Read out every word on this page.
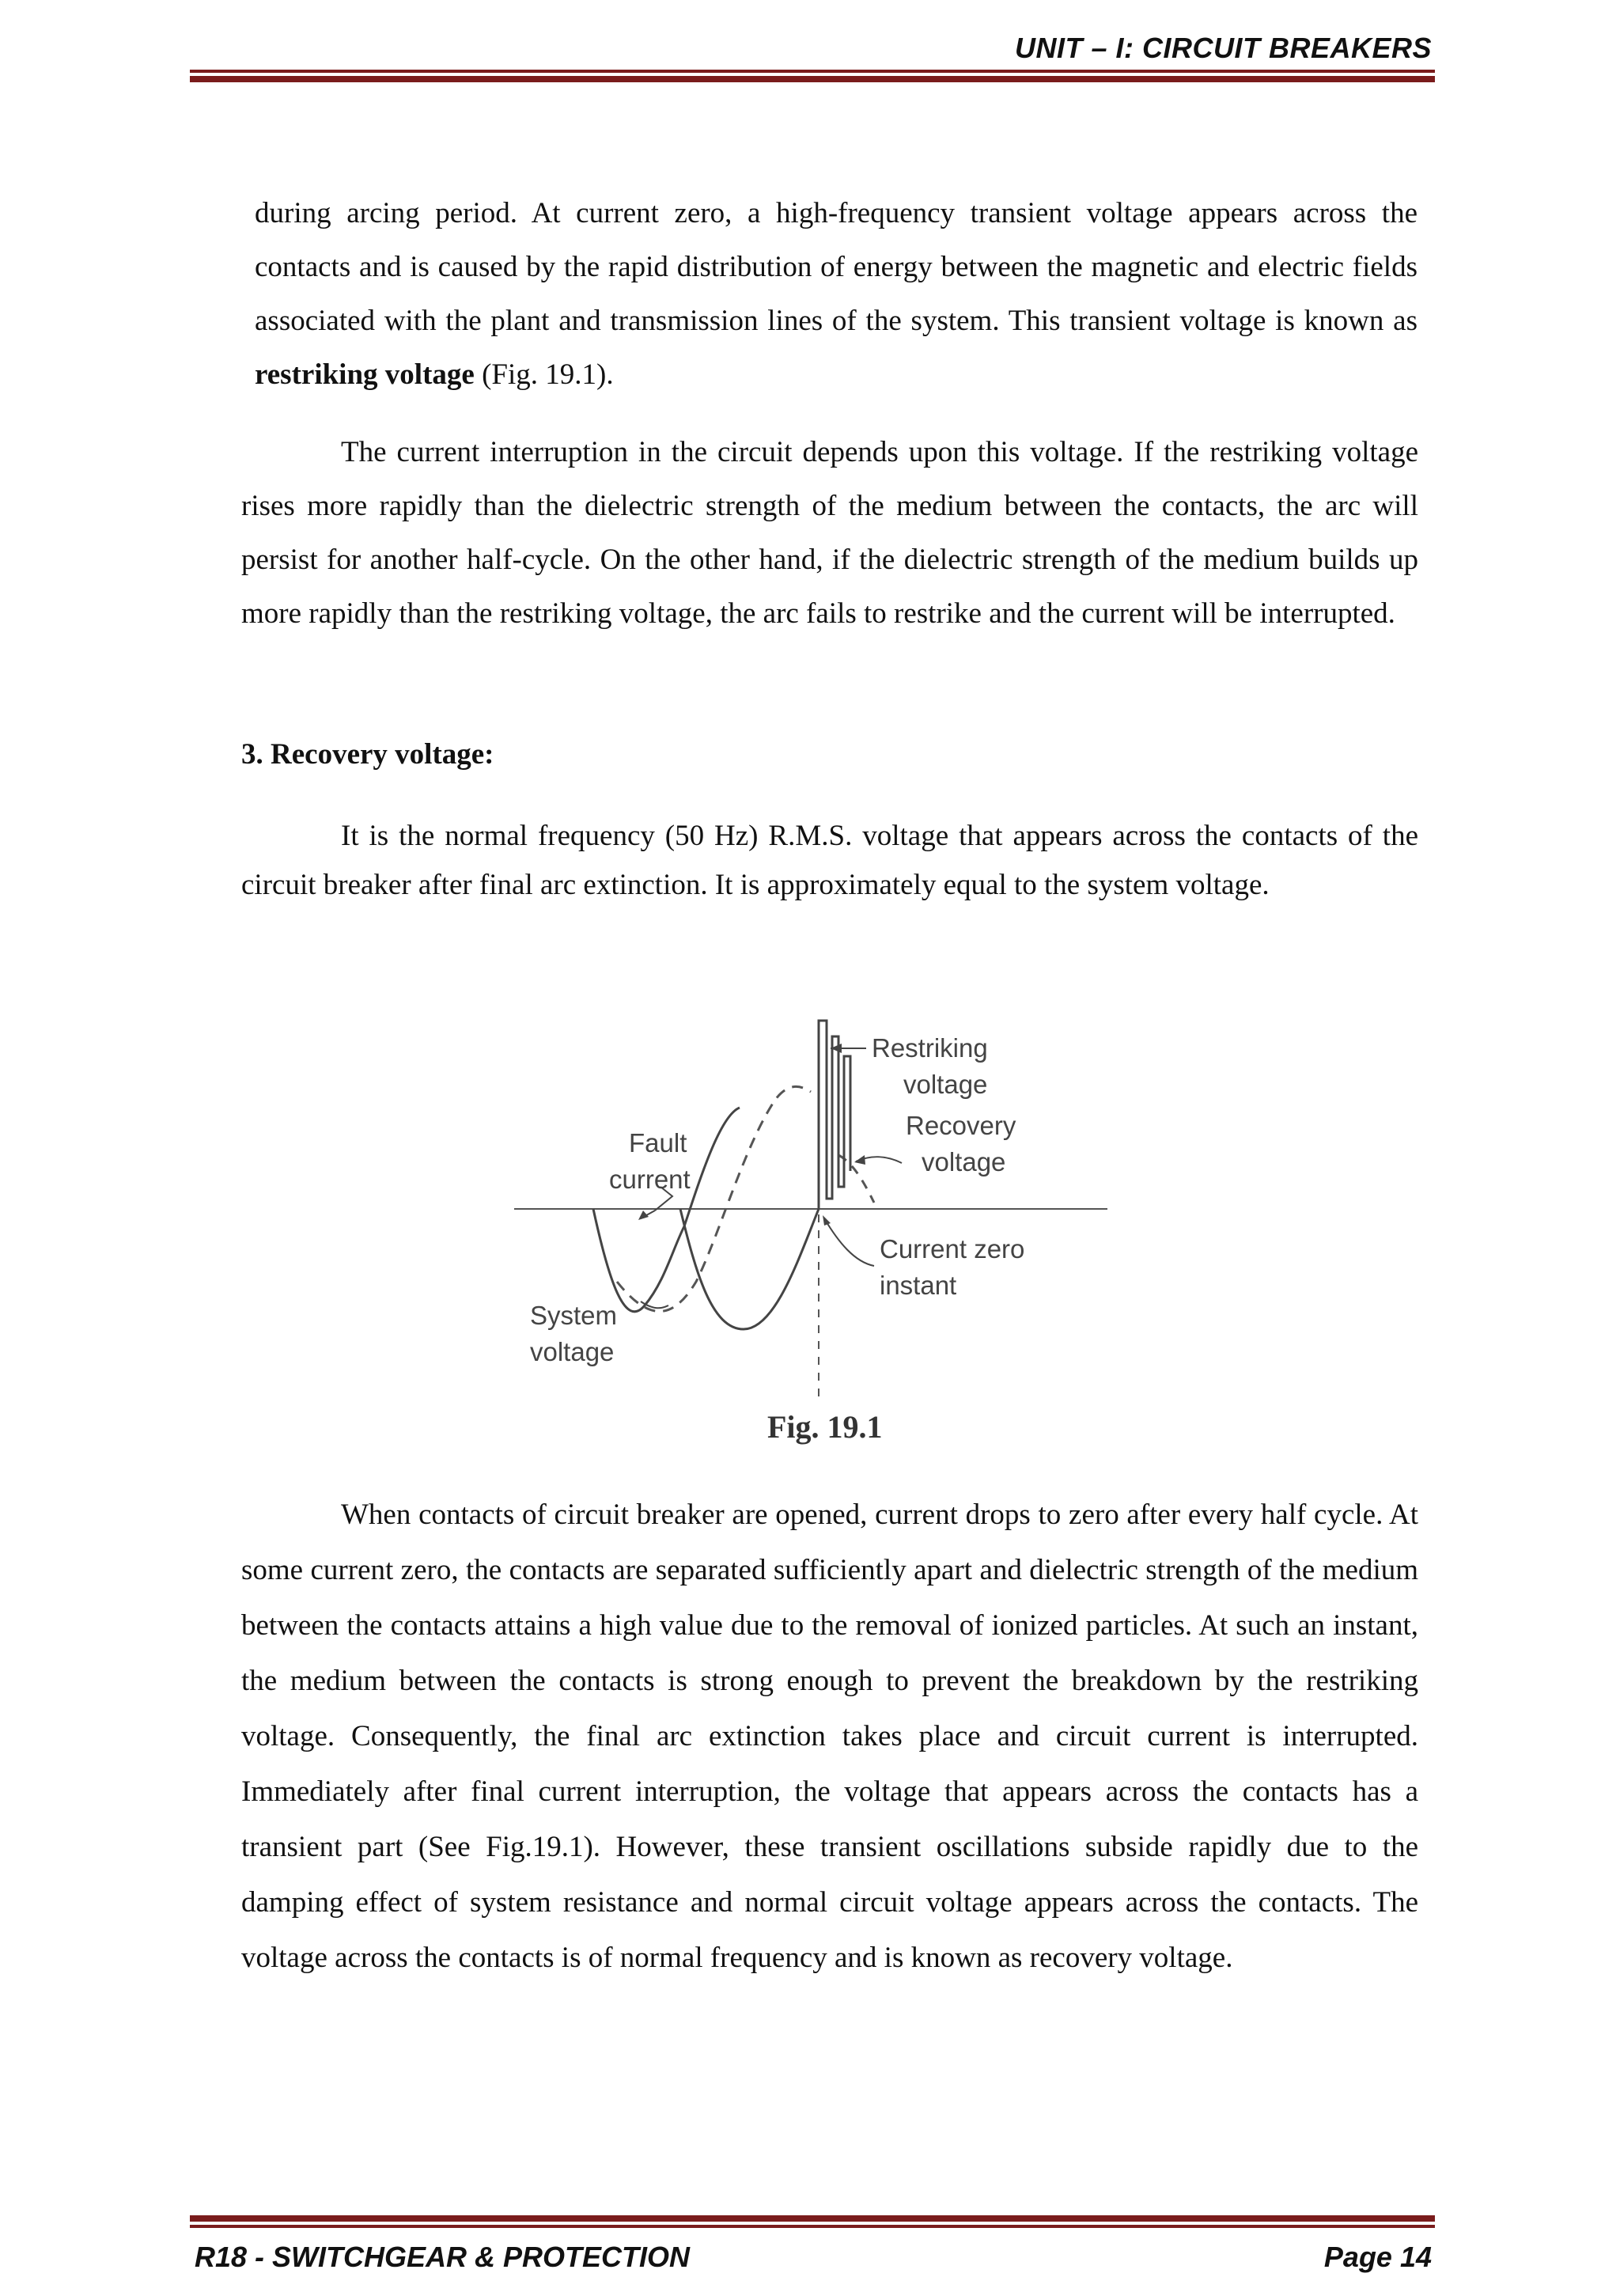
UNIT – I: CIRCUIT BREAKERS

during arcing period. At current zero, a high-frequency transient voltage appears across the contacts and is caused by the rapid distribution of energy between the magnetic and electric fields associated with the plant and transmission lines of the system. This transient voltage is known as restriking voltage (Fig. 19.1).

The current interruption in the circuit depends upon this voltage. If the restriking voltage rises more rapidly than the dielectric strength of the medium between the contacts, the arc will persist for another half-cycle. On the other hand, if the dielectric strength of the medium builds up more rapidly than the restriking voltage, the arc fails to restrike and the current will be interrupted.

3. Recovery voltage:

It is the normal frequency (50 Hz) R.M.S. voltage that appears across the contacts of the circuit breaker after final arc extinction. It is approximately equal to the system voltage.

Restriking
voltage
Recovery
voltage
Fault
current
Current zero
instant
System
voltage
Fig. 19.1

When contacts of circuit breaker are opened, current drops to zero after every half cycle. At some current zero, the contacts are separated sufficiently apart and dielectric strength of the medium between the contacts attains a high value due to the removal of ionized particles. At such an instant, the medium between the contacts is strong enough to prevent the breakdown by the restriking voltage. Consequently, the final arc extinction takes place and circuit current is interrupted. Immediately after final current interruption, the voltage that appears across the contacts has a transient part (See Fig.19.1). However, these transient oscillations subside rapidly due to the damping effect of system resistance and normal circuit voltage appears across the contacts. The voltage across the contacts is of normal frequency and is known as recovery voltage.

R18 - SWITCHGEAR & PROTECTION	Page 14
